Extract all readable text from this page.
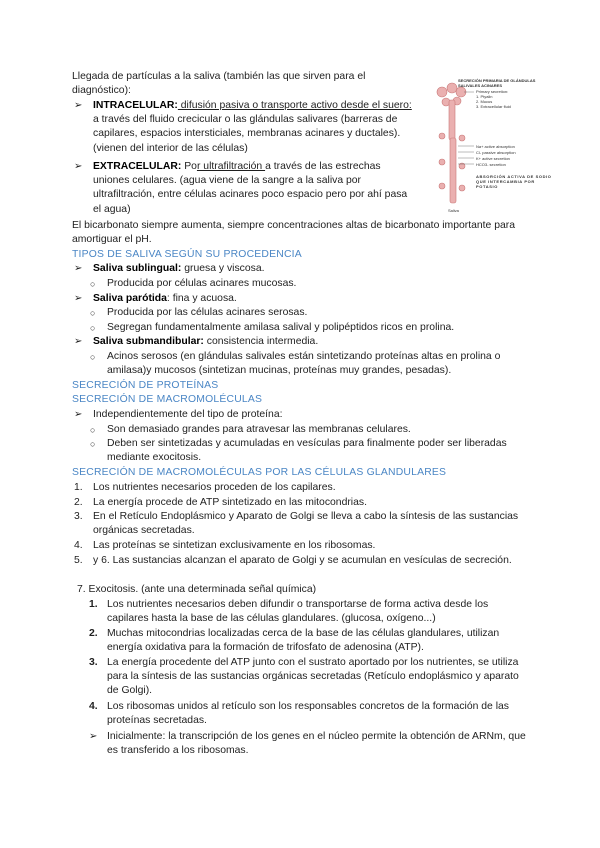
Llegada de partículas a la saliva (también las que sirven para el diagnóstico):
➢ INTRACELULAR: difusión pasiva o transporte activo desde el suero: a través del fluido crecicular o las glándulas salivares (barreras de capilares, espacios intersticiales, membranas acinares y ductales). (vienen del interior de las células)
➢ EXTRACELULAR: Por ultrafiltración a través de las estrechas uniones celulares. (agua viene de la sangre a la saliva por ultrafiltración, entre células acinares poco espacio pero por ahí pasa el agua)
El bicarbonato siempre aumenta, siempre concentraciones altas de bicarbonato importante para amortiguar el pH.
TIPOS DE SALIVA SEGÚN SU PROCEDENCIA
➢ Saliva sublingual: gruesa y viscosa.
○ Producida por células acinares mucosas.
➢ Saliva parótida: fina y acuosa.
○ Producida por las células acinares serosas.
○ Segregan fundamentalmente amilasa salival y polipéptidos ricos en prolina.
➢ Saliva submandibular: consistencia intermedia.
○ Acinos serosos (en glándulas salivales están sintetizando proteínas altas en prolina o amilasa)y mucosos (sintetizan mucinas, proteínas muy grandes, pesadas).
SECRECIÓN DE PROTEÍNAS
SECRECIÓN DE MACROMOLÉCULAS
➢ Independientemente del tipo de proteína:
○ Son demasiado grandes para atravesar las membranas celulares.
○ Deben ser sintetizadas y acumuladas en vesículas para finalmente poder ser liberadas mediante exocitosis.
SECRECIÓN DE MACROMOLÉCULAS POR LAS CÉLULAS GLANDULARES
1. Los nutrientes necesarios proceden de los capilares.
2. La energía procede de ATP sintetizado en las mitocondrias.
3. En el Retículo Endoplásmico y Aparato de Golgi se lleva a cabo la síntesis de las sustancias orgánicas secretadas.
4. Las proteínas se sintetizan exclusivamente en los ribosomas.
5. y 6. Las sustancias alcanzan el aparato de Golgi y se acumulan en vesículas de secreción.
7. Exocitosis. (ante una determinada señal química)
1. Los nutrientes necesarios deben difundir o transportarse de forma activa desde los capilares hasta la base de las células glandulares. (glucosa, oxígeno...)
2. Muchas mitocondrias localizadas cerca de la base de las células glandulares, utilizan energía oxidativa para la formación de trifosfato de adenosina (ATP).
3. La energía procedente del ATP junto con el sustrato aportado por los nutrientes, se utiliza para la síntesis de las sustancias orgánicas secretadas (Retículo endoplásmico y aparato de Golgi).
4. Los ribosomas unidos al retículo son los responsables concretos de la formación de las proteínas secretadas.
➢ Inicialmente: la transcripción de los genes en el núcleo permite la obtención de ARNm, que es transferido a los ribosomas.
SECRECIÓN PRIMARIA DE GLÁNDULAS SALIVALES ACINARES
Primary secretion:
1. Ptyalin
2. Mucus
3. Extracellular fluid
Na+ active absorption
Cl- passive absorption
K+ active secretion
HCO3- secretion
ABSORCIÓN ACTIVA DE SODIO QUE INTERCAMBIA POR POTASIO
Saliva
